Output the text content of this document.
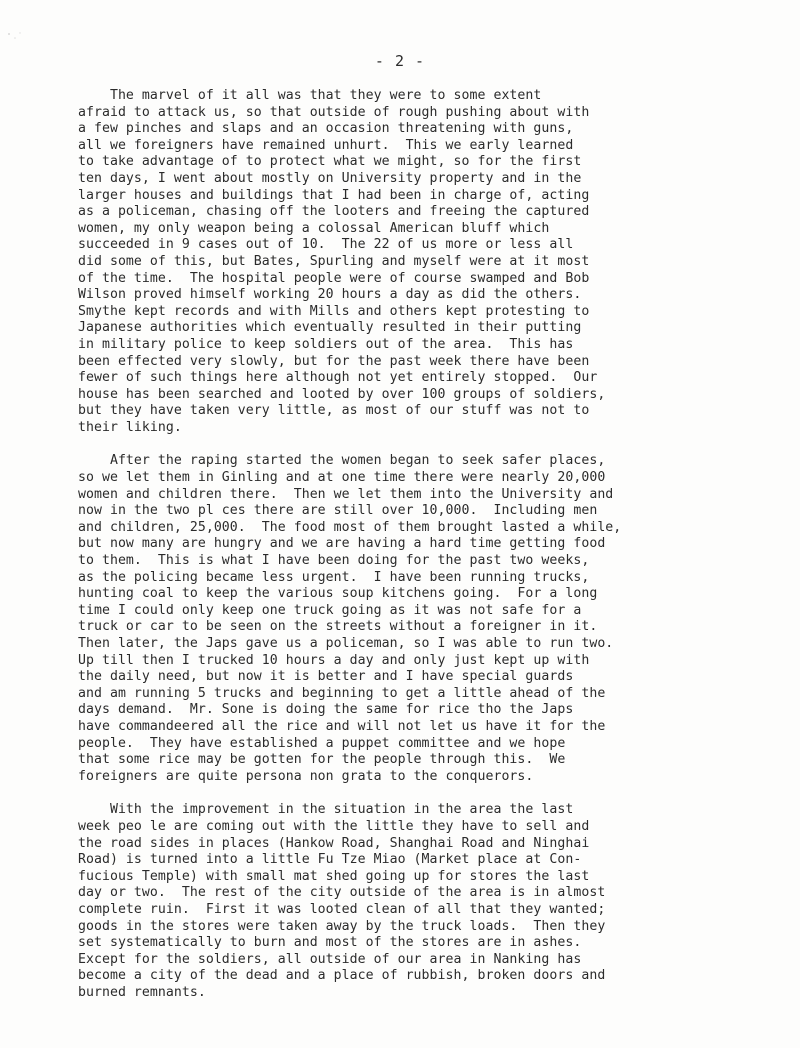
- 2 -
The marvel of it all was that they were to some extent
afraid to attack us, so that outside of rough pushing about with
a few pinches and slaps and an occasion threatening with guns,
all we foreigners have remained unhurt.  This we early learned
to take advantage of to protect what we might, so for the first
ten days, I went about mostly on University property and in the
larger houses and buildings that I had been in charge of, acting
as a policeman, chasing off the looters and freeing the captured
women, my only weapon being a colossal American bluff which
succeeded in 9 cases out of 10.  The 22 of us more or less all
did some of this, but Bates, Spurling and myself were at it most
of the time.  The hospital people were of course swamped and Bob
Wilson proved himself working 20 hours a day as did the others.
Smythe kept records and with Mills and others kept protesting to
Japanese authorities which eventually resulted in their putting
in military police to keep soldiers out of the area.  This has
been effected very slowly, but for the past week there have been
fewer of such things here although not yet entirely stopped.  Our
house has been searched and looted by over 100 groups of soldiers,
but they have taken very little, as most of our stuff was not to
their liking.
After the raping started the women began to seek safer places,
so we let them in Ginling and at one time there were nearly 20,000
women and children there.  Then we let them into the University and
now in the two pl ces there are still over 10,000.  Including men
and children, 25,000.  The food most of them brought lasted a while,
but now many are hungry and we are having a hard time getting food
to them.  This is what I have been doing for the past two weeks,
as the policing became less urgent.  I have been running trucks,
hunting coal to keep the various soup kitchens going.  For a long
time I could only keep one truck going as it was not safe for a
truck or car to be seen on the streets without a foreigner in it.
Then later, the Japs gave us a policeman, so I was able to run two.
Up till then I trucked 10 hours a day and only just kept up with
the daily need, but now it is better and I have special guards
and am running 5 trucks and beginning to get a little ahead of the
days demand.  Mr. Sone is doing the same for rice tho the Japs
have commandeered all the rice and will not let us have it for the
people.  They have established a puppet committee and we hope
that some rice may be gotten for the people through this.  We
foreigners are quite persona non grata to the conquerors.
With the improvement in the situation in the area the last
week peo le are coming out with the little they have to sell and
the road sides in places (Hankow Road, Shanghai Road and Ninghai
Road) is turned into a little Fu Tze Miao (Market place at Con-
fucious Temple) with small mat shed going up for stores the last
day or two.  The rest of the city outside of the area is in almost
complete ruin.  First it was looted clean of all that they wanted;
goods in the stores were taken away by the truck loads.  Then they
set systematically to burn and most of the stores are in ashes.
Except for the soldiers, all outside of our area in Nanking has
become a city of the dead and a place of rubbish, broken doors and
burned remnants.
